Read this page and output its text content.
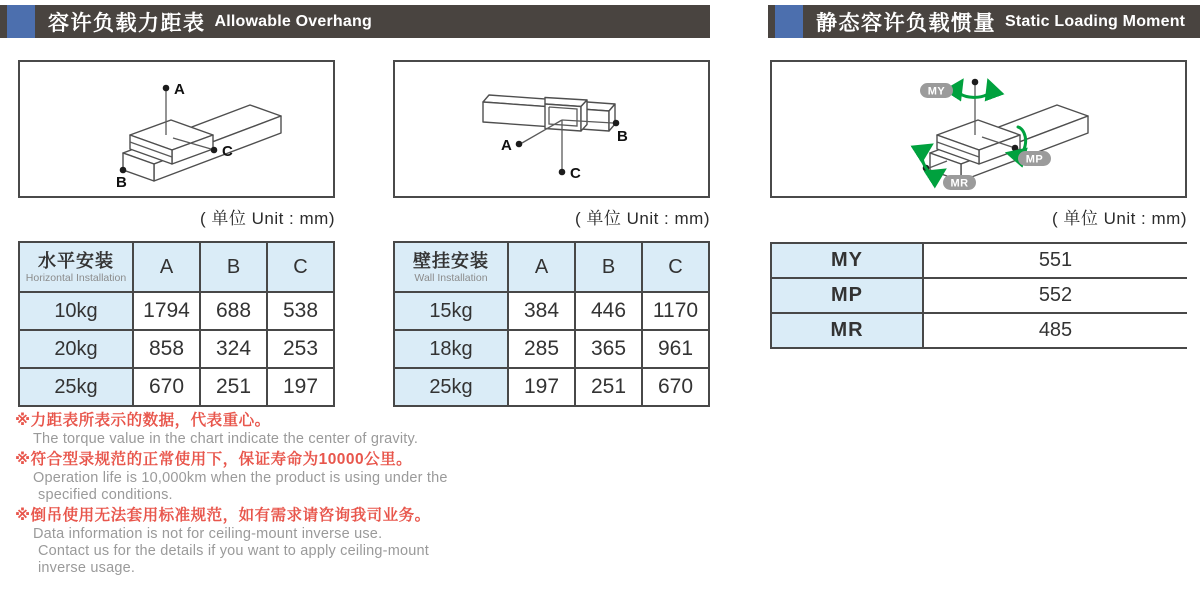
容许负载力距表 Allowable Overhang	静态容许负载惯量 Static Loading Moment
A
C
B
A
C
B
MY
MP
MR
( 单位 Unit : mm)	( 单位 Unit : mm)	( 单位 Unit : mm)
水平安装
Horizontal Installation	A	B	C
10kg	1794	688	538
20kg	858	324	253
25kg	670	251	197
壁挂安装
Wall Installation	A	B	C
15kg	384	446	1170
18kg	285	365	961
25kg	197	251	670
MY	551
MP	552
MR	485
※力距表所表示的数据，代表重心。
The torque value in the chart indicate the center of gravity.
※符合型录规范的正常使用下，保证寿命为10000公里。
Operation life is 10,000km when the product is using under the
specified conditions.
※倒吊使用无法套用标准规范，如有需求请咨询我司业务。
Data information is not for ceiling-mount inverse use.
Contact us for the details if you want to apply ceiling-mount
inverse usage.
